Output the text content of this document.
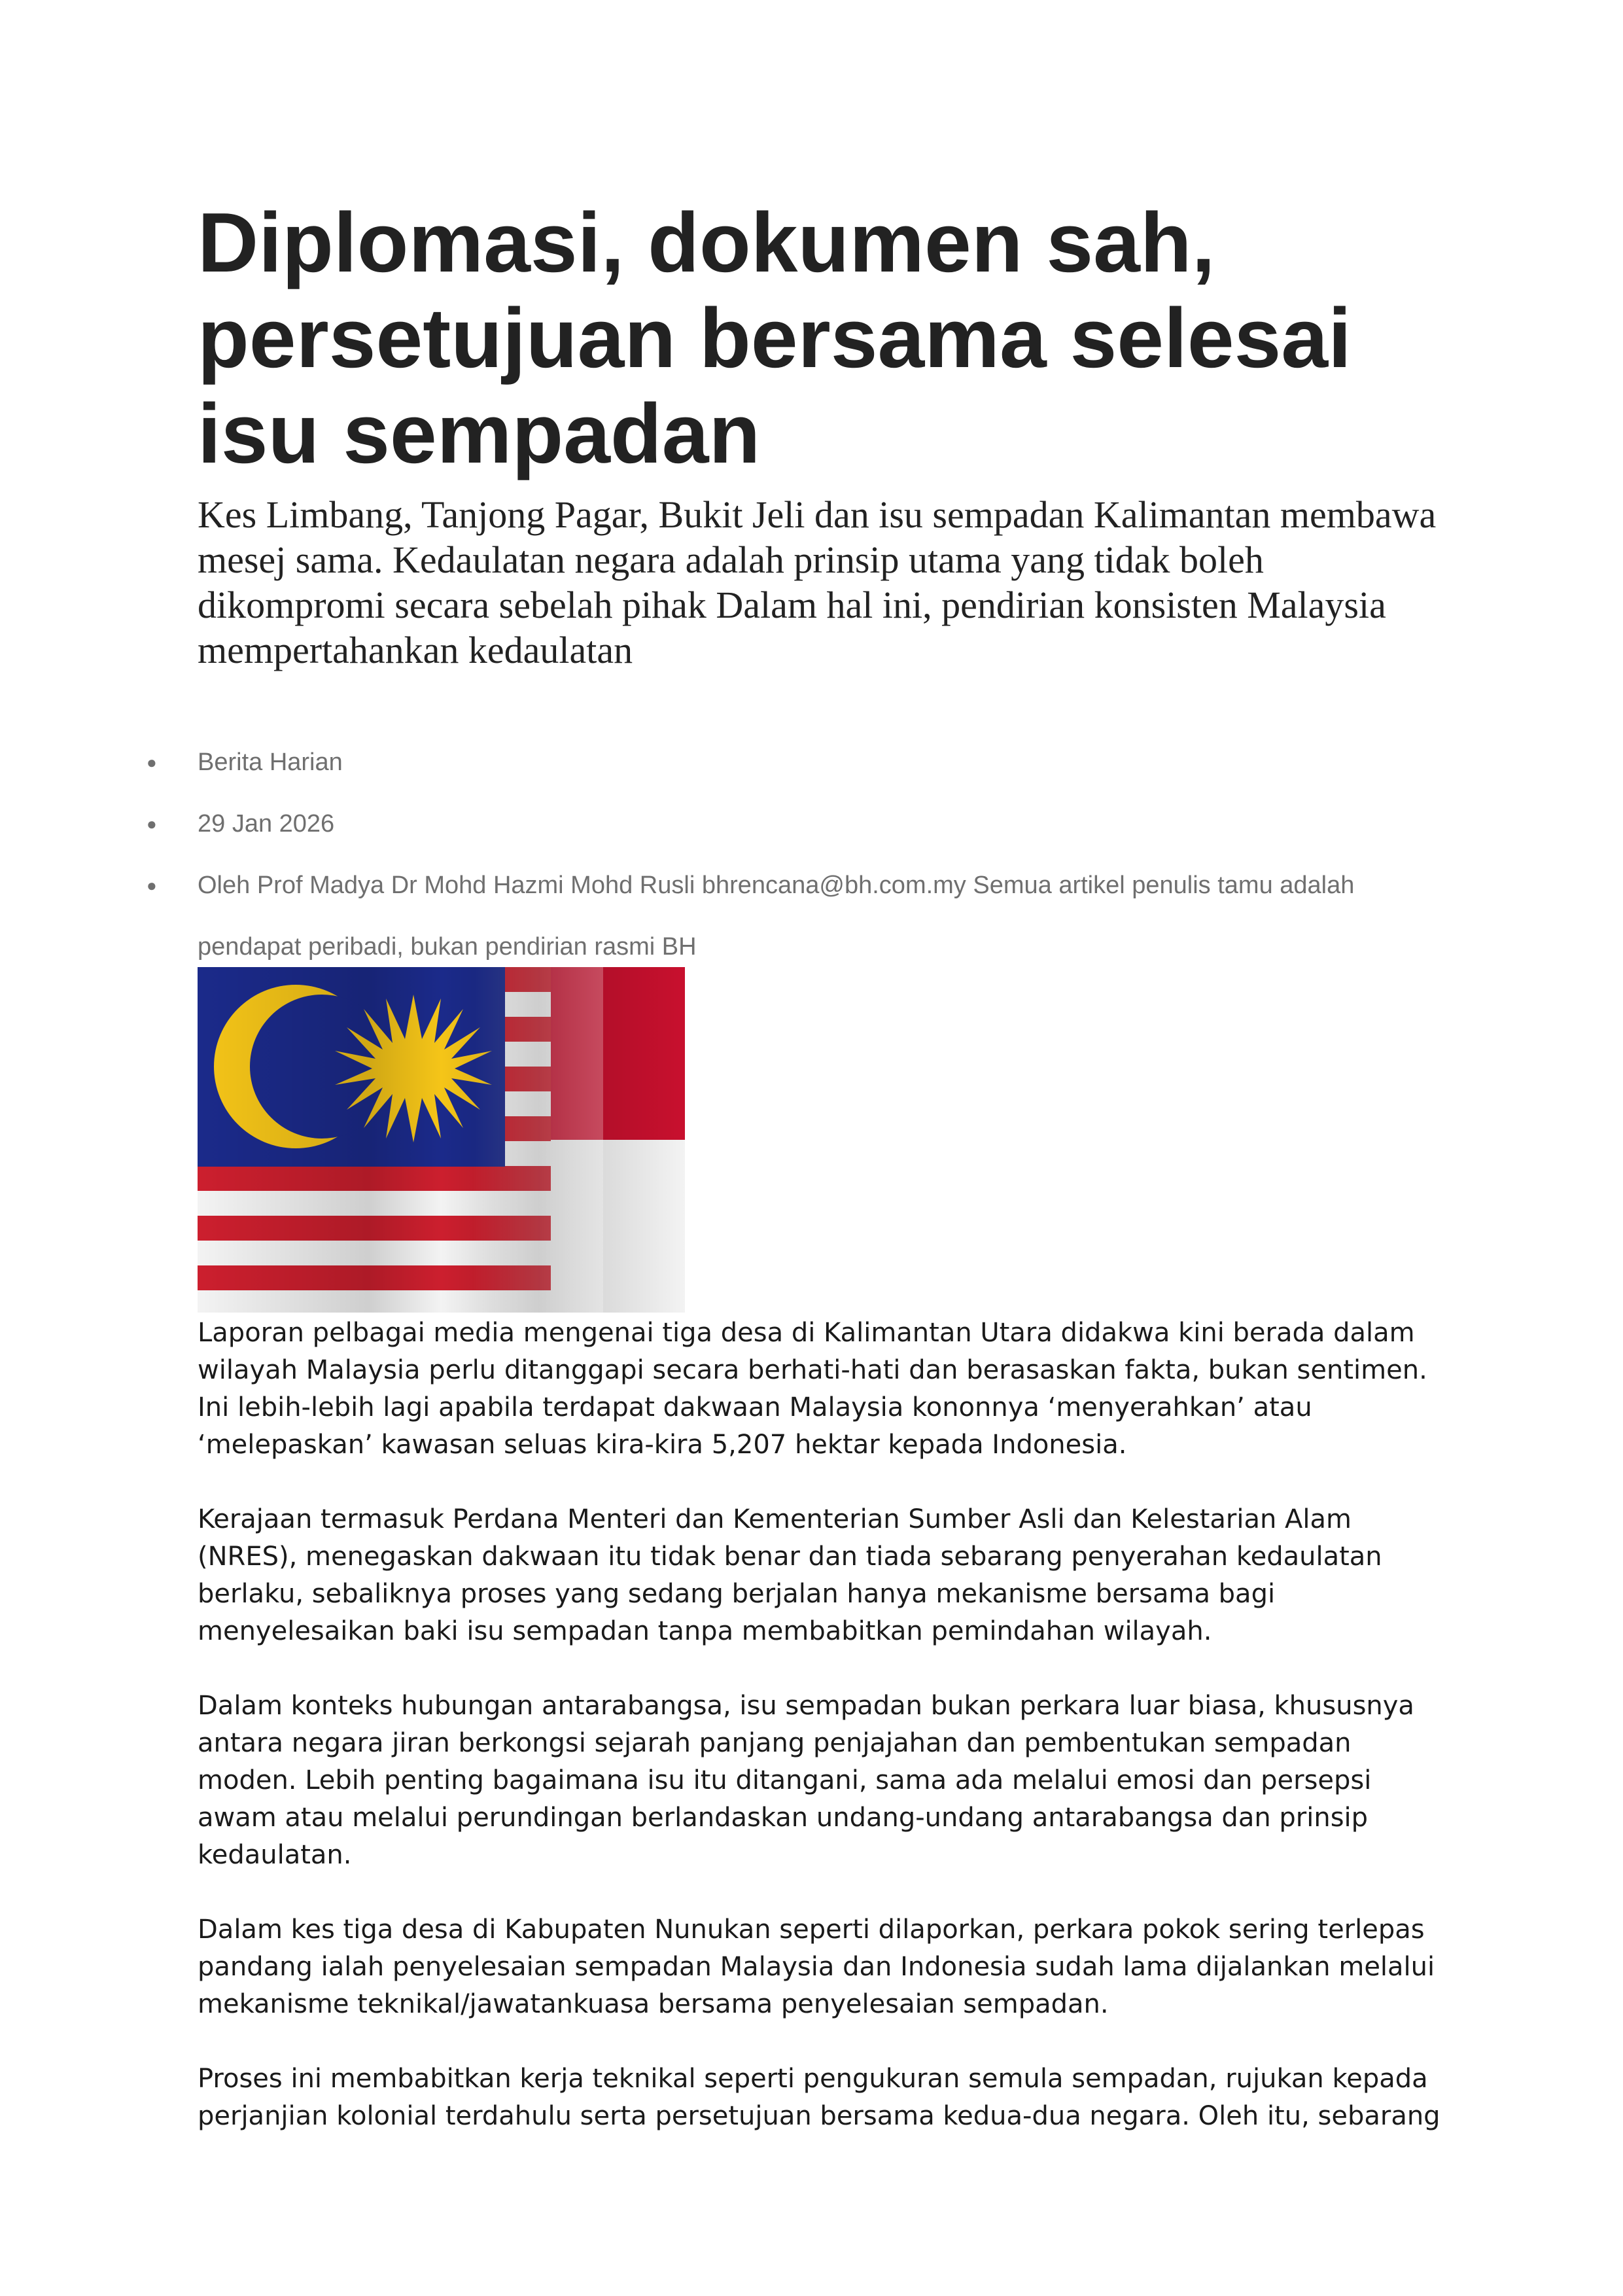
Diplomasi, dokumen sah, persetujuan bersama selesai isu sempadan

Kes Limbang, Tanjong Pagar, Bukit Jeli dan isu sempadan Kalimantan membawa mesej sama. Kedaulatan negara adalah prinsip utama yang tidak boleh dikompromi secara sebelah pihak Dalam hal ini, pendirian konsisten Malaysia mempertahankan kedaulatan

● Berita Harian
● 29 Jan 2026
● Oleh Prof Madya Dr Mohd Hazmi Mohd Rusli bhrencana@bh.com.my Semua artikel penulis tamu adalah pendapat peribadi, bukan pendirian rasmi BH

Laporan pelbagai media mengenai tiga desa di Kalimantan Utara didakwa kini berada dalam wilayah Malaysia perlu ditanggapi secara berhati-hati dan berasaskan fakta, bukan sentimen.

Ini lebih-lebih lagi apabila terdapat dakwaan Malaysia kononnya ‘menyerahkan’ atau ‘melepaskan’ kawasan seluas kira-kira 5,207 hektar kepada Indonesia.

Kerajaan termasuk Perdana Menteri dan Kementerian Sumber Asli dan Kelestarian Alam (NRES), menegaskan dakwaan itu tidak benar dan tiada sebarang penyerahan kedaulatan berlaku, sebaliknya proses yang sedang berjalan hanya mekanisme bersama bagi menyelesaikan baki isu sempadan tanpa membabitkan pemindahan wilayah.

Dalam konteks hubungan antarabangsa, isu sempadan bukan perkara luar biasa, khususnya antara negara jiran berkongsi sejarah panjang penjajahan dan pembentukan sempadan moden. Lebih penting bagaimana isu itu ditangani, sama ada melalui emosi dan persepsi awam atau melalui perundingan berlandaskan undang-undang antarabangsa dan prinsip kedaulatan.

Dalam kes tiga desa di Kabupaten Nunukan seperti dilaporkan, perkara pokok sering terlepas pandang ialah penyelesaian sempadan Malaysia dan Indonesia sudah lama dijalankan melalui mekanisme teknikal/jawatankuasa bersama penyelesaian sempadan.

Proses ini membabitkan kerja teknikal seperti pengukuran semula sempadan, rujukan kepada perjanjian kolonial terdahulu serta persetujuan bersama kedua-dua negara. Oleh itu, sebarang
